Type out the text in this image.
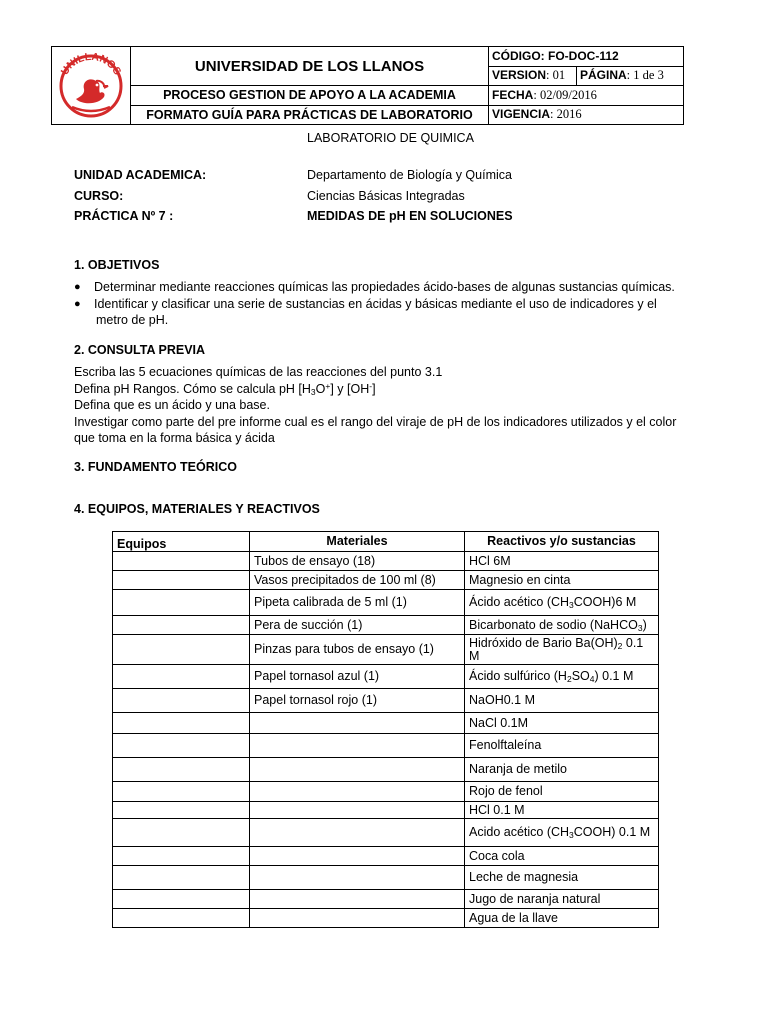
UNILLANOS	UNIVERSIDAD DE LOS LLANOS	CÓDIGO: FO-DOC-112	
		VERSION: 01	PÁGINA: 1 de 3
	PROCESO GESTION DE APOYO A LA ACADEMIA	FECHA: 02/09/2016	
	FORMATO GUÍA PARA PRÁCTICAS DE LABORATORIO	VIGENCIA: 2016	
LABORATORIO DE QUIMICA
UNIDAD ACADEMICA:	Departamento de Biología y Química
CURSO:	Ciencias Básicas Integradas
PRÁCTICA Nº 7 :	MEDIDAS DE pH EN SOLUCIONES
1. OBJETIVOS
● Determinar mediante reacciones químicas las propiedades ácido-bases de algunas sustancias químicas.
● Identificar y clasificar una serie de sustancias en ácidas y básicas mediante el uso de indicadores y el
metro de pH.
2. CONSULTA PREVIA
Escriba las 5 ecuaciones químicas de las reacciones del punto 3.1
Defina pH Rangos. Cómo se calcula pH $[H_3O^+]$ y [OH-]
Defina que es un ácido y una base.
Investigar como parte del pre informe cual es el rango del viraje de pH de los indicadores utilizados y el color
que toma en la forma básica y ácida
3. FUNDAMENTO TEÓRICO
4. EQUIPOS, MATERIALES Y REACTIVOS
Equipos	Materiales	Reactivos y/o sustancias
	Tubos de ensayo (18)	HCl 6M
	Vasos precipitados de 100 ml (8)	Magnesio en cinta
	Pipeta calibrada de 5 ml (1)	Ácido acético $(CH_3COOH)6$ M
	Pera de succión (1)	Bicarbonato de sodio (NaHCO$_3$)
	Pinzas para tubos de ensayo (1)	Hidróxido de Bario $Ba(OH)_2$ 0.1 M
	Papel tornasol azul (1)	Ácido sulfúrico $(H_2SO_4)$ 0.1 M
	Papel tornasol rojo (1)	NaOH0.1 M
		NaCl 0.1M
		Fenolftaleína
		Naranja de metilo
		Rojo de fenol
		HCl 0.1 M
		Acido acético $(CH_3COOH)$ 0.1 M
		Coca cola
		Leche de magnesia
		Jugo de naranja natural
		Agua de la llave
